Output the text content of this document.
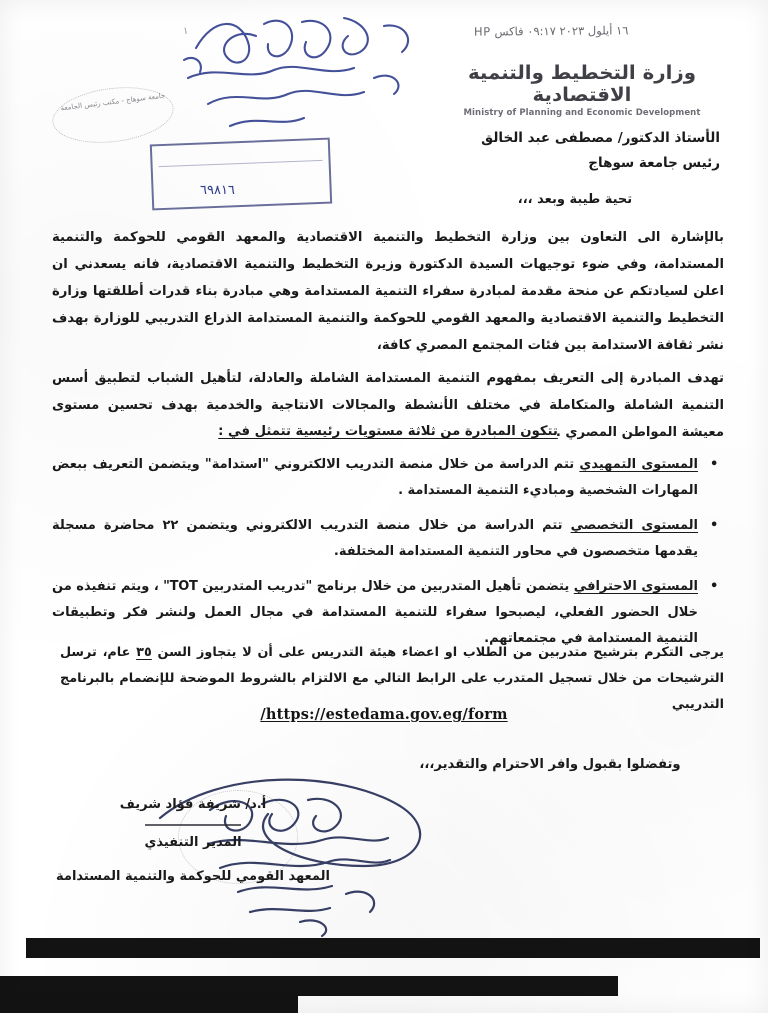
١٦ أيلول ٢٠٢٣ ٠٩:١٧ فاكس HP
١
وزارة التخطيط والتنمية الاقتصادية
Ministry of Planning and Economic Development
جامعة سوهاج - مكتب رئيس الجامعة
٦٩٨١٦
الأستاذ الدكتور/ مصطفى عبد الخالق
رئيس جامعة سوهاج
تحية طيبة وبعد ،،،

بالإشارة الى التعاون بين وزارة التخطيط والتنمية الاقتصادية والمعهد القومي للحوكمة والتنمية المستدامة، وفي ضوء توجيهات السيدة الدكتورة وزيرة التخطيط والتنمية الاقتصادية، فانه يسعدني ان اعلن لسيادتكم عن منحة مقدمة لمبادرة سفراء التنمية المستدامة وهي مبادرة بناء قدرات أطلقتها وزارة التخطيط والتنمية الاقتصادية والمعهد القومي للحوكمة والتنمية المستدامة الذراع التدريبي للوزارة بهدف نشر ثقافة الاستدامة بين فئات المجتمع المصري كافة،

تهدف المبادرة إلى التعريف بمفهوم التنمية المستدامة الشاملة والعادلة، لتأهيل الشباب لتطبيق أسس التنمية الشاملة والمتكاملة في مختلف الأنشطة والمجالات الانتاجية والخدمية بهدف تحسين مستوى معيشة المواطن المصري .

تتكون المبادرة من ثلاثة مستويات رئيسية تتمثل في :
• المستوى التمهيدي تتم الدراسة من خلال منصة التدريب الالكتروني "استدامة" ويتضمن التعريف ببعض المهارات الشخصية ومباديء التنمية المستدامة .
• المستوى التخصصي تتم الدراسة من خلال منصة التدريب الالكتروني ويتضمن ٢٢ محاضرة مسجلة يقدمها متخصصون في محاور التنمية المستدامة المختلفة.
• المستوى الاحترافي يتضمن تأهيل المتدربين من خلال برنامج "تدريب المتدربين TOT" ، ويتم تنفيذه من خلال الحضور الفعلي، ليصبحوا سفراء للتنمية المستدامة في مجال العمل ولنشر فكر وتطبيقات التنمية المستدامة في مجتمعاتهم.
يرجى التكرم بترشيح متدربين من الطلاب او اعضاء هيئة التدريس على أن لا يتجاوز السن ٣٥ عام، ترسل الترشيحات من خلال تسجيل المتدرب على الرابط التالي مع الالتزام بالشروط الموضحة للإنضمام بالبرنامج التدريبي
https://estedama.gov.eg/form/
وتفضلوا بقبول وافر الاحترام والتقدير،،،
أ.د/ شريفة فؤاد شريف
المدير التنفيذي
المعهد القومي للحوكمة والتنمية المستدامة
